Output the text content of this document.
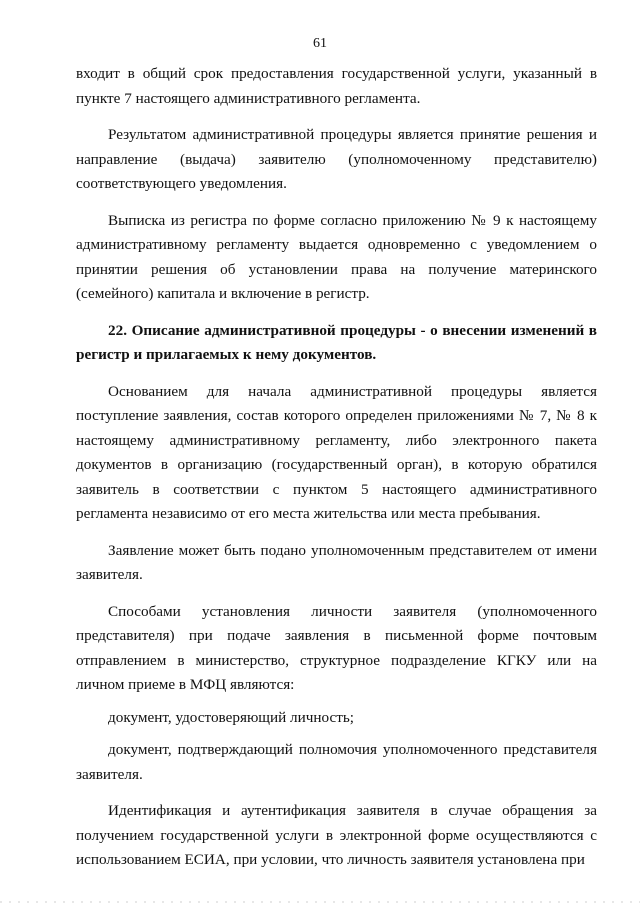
61

входит в общий срок предоставления государственной услуги, указанный в пункте 7 настоящего административного регламента.

Результатом административной процедуры является принятие решения и направление (выдача) заявителю (уполномоченному представителю) соответствующего уведомления.

Выписка из регистра по форме согласно приложению № 9 к настоящему административному регламенту выдается одновременно с уведомлением о принятии решения об установлении права на получение материнского (семейного) капитала и включение в регистр.

22. Описание административной процедуры - о внесении изменений в регистр и прилагаемых к нему документов.

Основанием для начала административной процедуры является поступление заявления, состав которого определен приложениями № 7, № 8 к настоящему административному регламенту, либо электронного пакета документов в организацию (государственный орган), в которую обратился заявитель в соответствии с пунктом 5 настоящего административного регламента независимо от его места жительства или места пребывания.

Заявление может быть подано уполномоченным представителем от имени заявителя.

Способами установления личности заявителя (уполномоченного представителя) при подаче заявления в письменной форме почтовым отправлением в министерство, структурное подразделение КГКУ или на личном приеме в МФЦ являются:

документ, удостоверяющий личность;

документ, подтверждающий полномочия уполномоченного представителя заявителя.

Идентификация и аутентификация заявителя в случае обращения за получением государственной услуги в электронной форме осуществляются с использованием ЕСИА, при условии, что личность заявителя установлена при
